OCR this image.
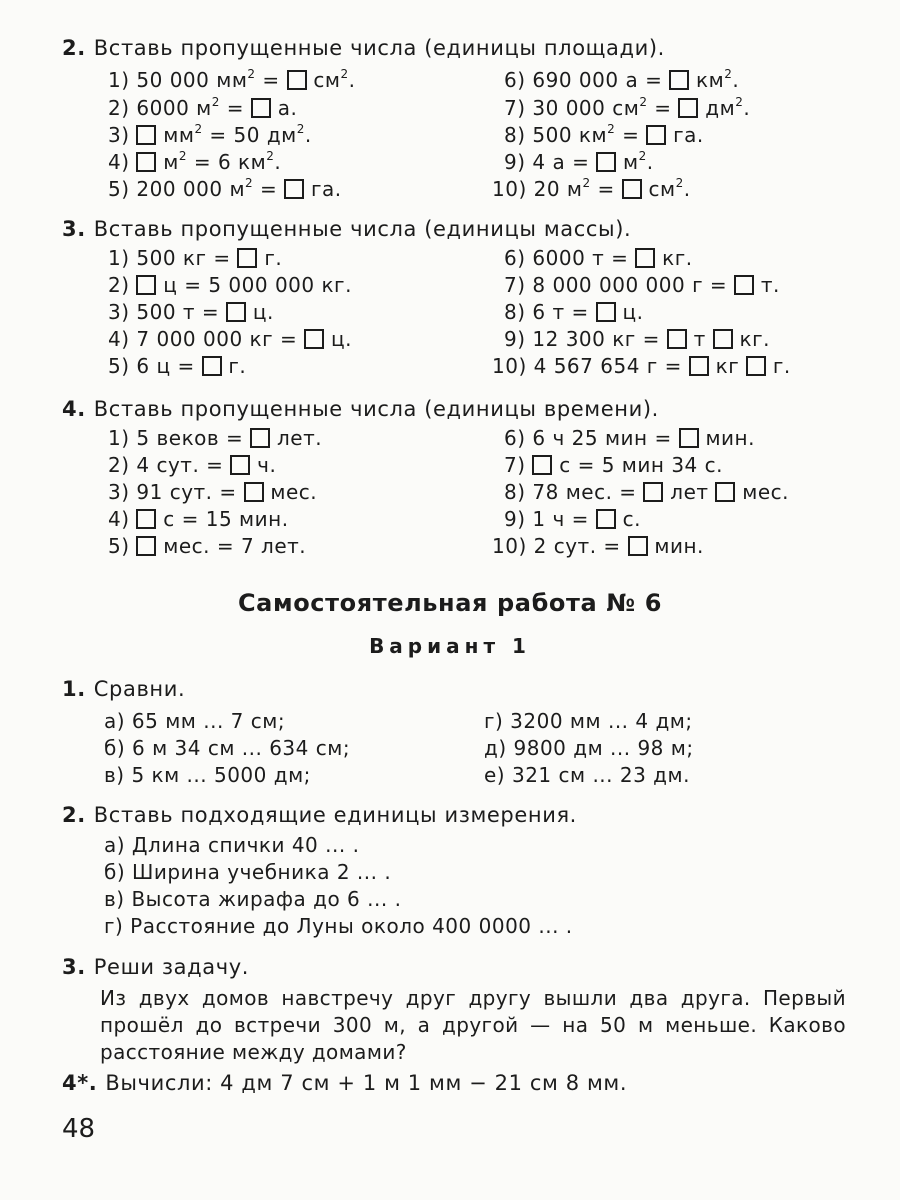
2. Вставь пропущенные числа (единицы площади).
1) 50 000 $мм^2 = см^2$.
2) 6000 $м^2 = а$.
3)  $мм^2 = 50$ $дм^2$.
4)  $м^2 = 6$ $км^2$.
5) 200 000 $м^2$ =  га.
6) 690 000 $а = км^2$.
7) 30 000 $см^2 = дм^2$.
8) 500 $км^2$ =  га.
9) 4 $а = м^2$.
10) 20 $м^2 = см^2$.
3. Вставь пропущенные числа (единицы массы).
1) 500 кг =  г.
2) ц = 5 000 000 кг.
3) 500 т =  ц.
4) 7 000 000 кг =  ц.
5) 6 ц =  г.
6) 6000 т =  кг.
7) 8 000 000 000 г =  т.
8) 6 т =  ц.
9) 12 300 кг =  т кг.
10) 4 567 654 г =  кг г.
4. Вставь пропущенные числа (единицы времени).
1) 5 веков =  лет.
2) 4 сут. =  ч.
3) 91 сут. =  мес.
4) с = 15 мин.
5) мес. = 7 лет.
6) 6 ч 25 мин =  мин.
7) с = 5 мин 34 с.
8) 78 мес. =  лет мес.
9) 1 ч =  с.
10) 2 сут. =  мин.
Самостоятельная работа № 6
Вариант 1
1. Сравни.
а) 65 мм ... 7 см;
б) 6 м 34 см ... 634 см;
в) 5 км ... 5000 дм;
г) 3200 мм ... 4 дм;
д) 9800 дм ... 98 м;
е) 321 см ... 23 дм.
2. Вставь подходящие единицы измерения.
а) Длина спички 40 ... .
б) Ширина учебника 2 ... .
в) Высота жирафа до 6 ... .
г) Расстояние до Луны около 400 0000 ... .
3. Реши задачу.
Из двух домов навстречу друг другу вышли два друга. Первый прошёл до встречи 300 м, а другой — на 50 м меньше. Каково расстояние между домами?
4*. Вычисли: 4 дм 7 см + 1 м 1 мм − 21 см 8 мм.
48
